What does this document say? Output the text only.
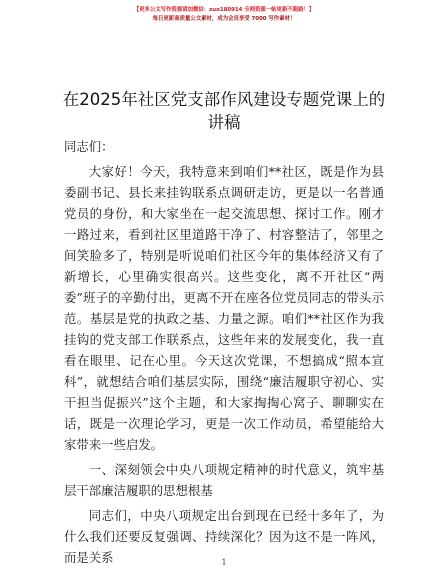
【更多公文写作资源请加微信：zuo180914 全网资源一帖更新不跑路！】
每日更新高质量公文素材，成为会员享受 7000 写作素材！
在2025年社区党支部作风建设专题党课上的讲稿

同志们：

大家好！今天，我特意来到咱们**社区，既是作为县委副书记、县长来挂钩联系点调研走访，更是以一名普通党员的身份，和大家坐在一起交流思想、探讨工作。刚才一路过来，看到社区里道路干净了、村容整洁了，邻里之间笑脸多了，特别是听说咱们社区今年的集体经济又有了新增长，心里确实很高兴。这些变化，离不开社区“两委”班子的辛勤付出，更离不开在座各位党员同志的带头示范。基层是党的执政之基、力量之源。咱们**社区作为我挂钩的党支部工作联系点，这些年来的发展变化，我一直看在眼里、记在心里。今天这次党课，不想搞成“照本宣科”，就想结合咱们基层实际，围绕“廉洁履职守初心、实干担当促振兴”这个主题，和大家掏掏心窝子、聊聊实在话，既是一次理论学习，更是一次工作动员，希望能给大家带来一些启发。

一、深刻领会中央八项规定精神的时代意义，筑牢基层干部廉洁履职的思想根基

同志们，中央八项规定出台到现在已经十多年了，为什么我们还要反复强调、持续深化？因为这不是一阵风，而是关系	1
